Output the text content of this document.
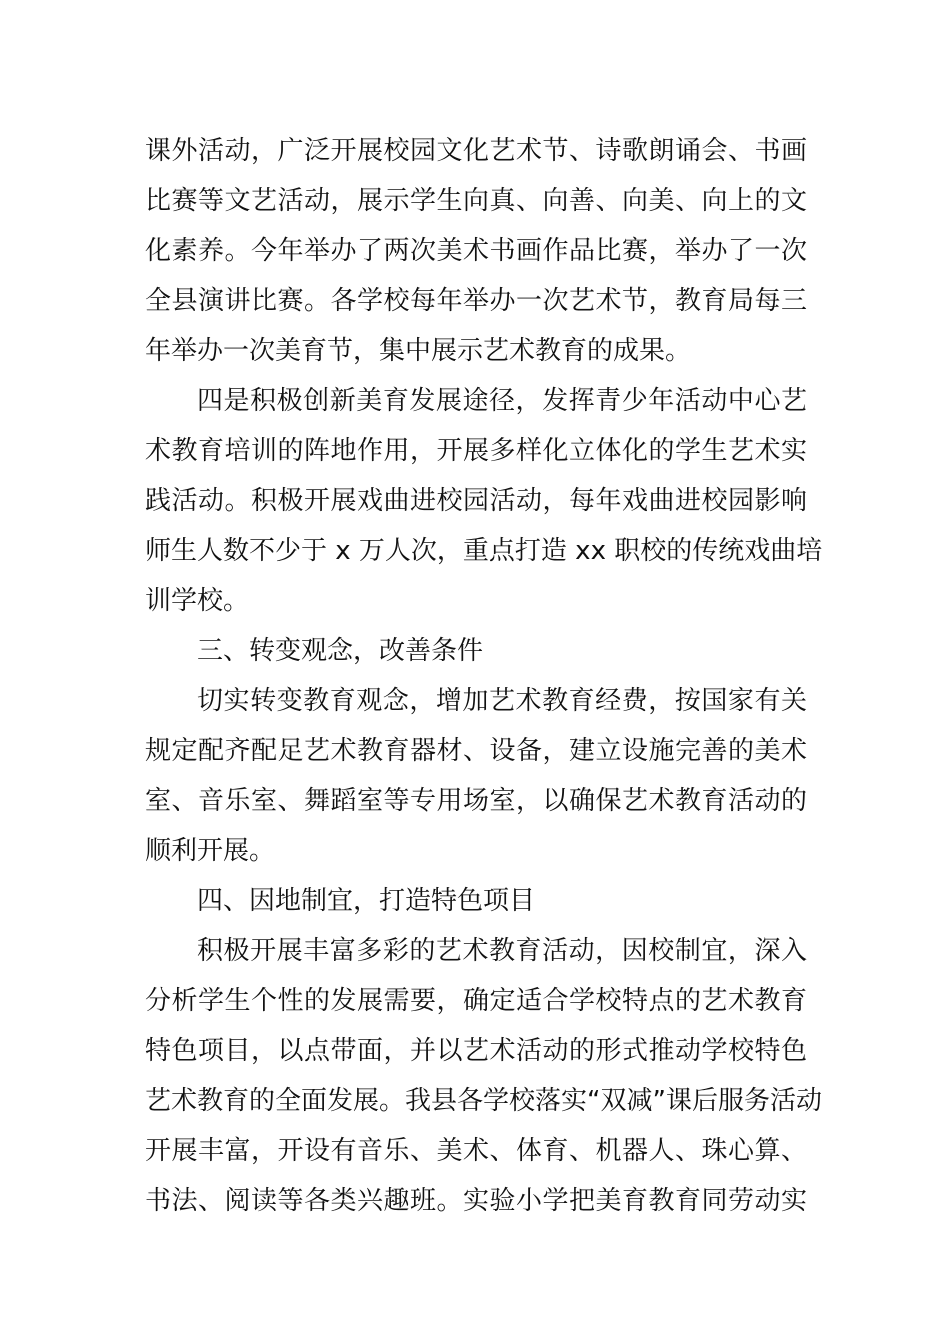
课外活动，广泛开展校园文化艺术节、诗歌朗诵会、书画
比赛等文艺活动，展示学生向真、向善、向美、向上的文
化素养。今年举办了两次美术书画作品比赛，举办了一次
全县演讲比赛。各学校每年举办一次艺术节，教育局每三
年举办一次美育节，集中展示艺术教育的成果。
四是积极创新美育发展途径，发挥青少年活动中心艺
术教育培训的阵地作用，开展多样化立体化的学生艺术实
践活动。积极开展戏曲进校园活动，每年戏曲进校园影响
师生人数不少于 x 万人次，重点打造 xx 职校的传统戏曲培
训学校。
三、转变观念，改善条件
切实转变教育观念，增加艺术教育经费，按国家有关
规定配齐配足艺术教育器材、设备，建立设施完善的美术
室、音乐室、舞蹈室等专用场室，以确保艺术教育活动的
顺利开展。
四、因地制宜，打造特色项目
积极开展丰富多彩的艺术教育活动，因校制宜，深入
分析学生个性的发展需要，确定适合学校特点的艺术教育
特色项目，以点带面，并以艺术活动的形式推动学校特色
艺术教育的全面发展。我县各学校落实“双减”课后服务活动
开展丰富，开设有音乐、美术、体育、机器人、珠心算、
书法、阅读等各类兴趣班。实验小学把美育教育同劳动实
